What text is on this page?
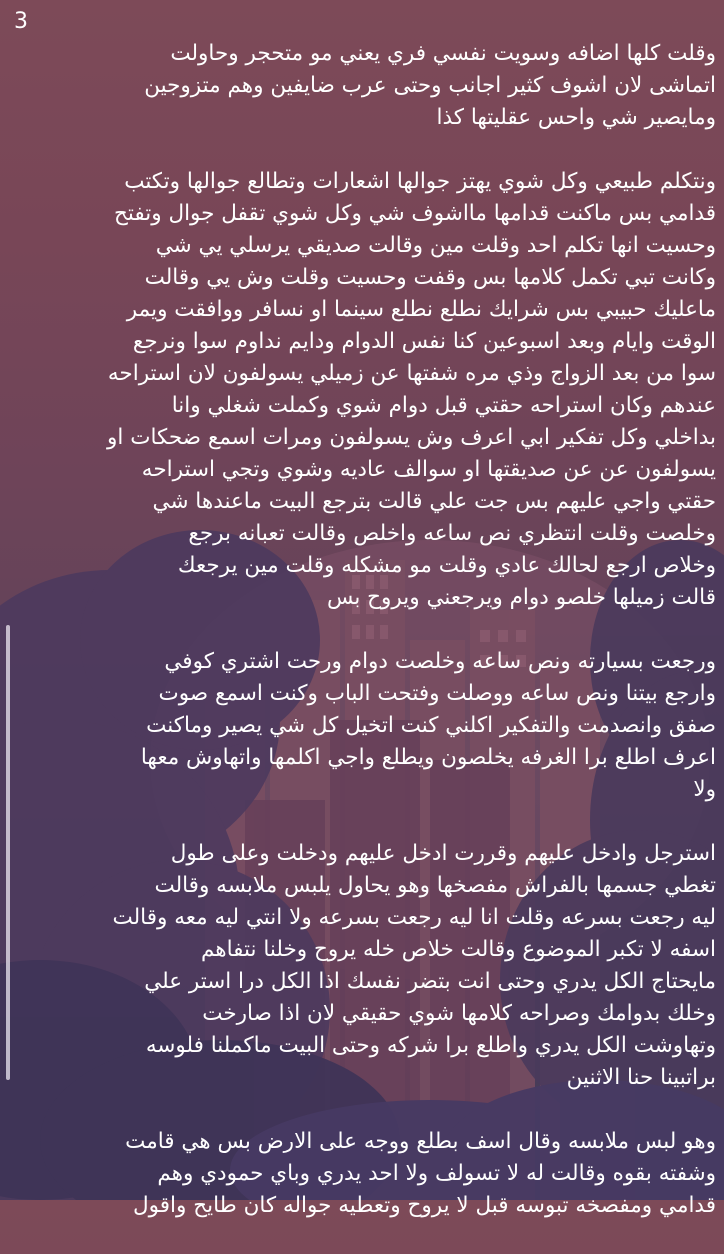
3
وقلت كلها اضافه وسويت نفسي فري يعني مو متحجر وحاولت
اتماشى لان اشوف كثير اجانب وحتى عرب ضايفين وهم متزوجين
ومايصير شي واحس عقليتها كذا
ونتكلم طبيعي وكل شوي يهتز جوالها اشعارات وتطالع جوالها وتكتب
قدامي بس ماكنت قدامها مااشوف شي وكل شوي تقفل جوال وتفتح
وحسيت انها تكلم احد وقلت مين وقالت صديقي يرسلي يي شي
وكانت تبي تكمل كلامها بس وقفت وحسيت وقلت وش يي وقالت
ماعليك حبيبي بس شرايك نطلع نطلع سينما او نسافر ووافقت ويمر
الوقت وايام وبعد اسبوعين كنا نفس الدوام ودايم نداوم سوا ونرجع
سوا من بعد الزواج وذي مره شفتها عن زميلي يسولفون لان استراحه
عندهم وكان استراحه حقتي قبل دوام شوي وكملت شغلي وانا
بداخلي وكل تفكير ابي اعرف وش يسولفون ومرات اسمع ضحكات او
يسولفون عن عن صديقتها او سوالف عاديه وشوي وتجي استراحه
حقتي واجي عليهم بس جت علي قالت بترجع البيت ماعندها شي
وخلصت وقلت انتظري نص ساعه واخلص وقالت تعبانه برجع
وخلاص ارجع لحالك عادي وقلت مو مشكله وقلت مين يرجعك
قالت زميلها خلصو دوام ويرجعني ويروح بس
ورجعت بسيارته ونص ساعه وخلصت دوام ورحت اشتري كوفي
وارجع بيتنا ونص ساعه ووصلت وفتحت الباب وكنت اسمع صوت
صفق وانصدمت والتفكير اكلني كنت اتخيل كل شي يصير وماكنت
اعرف اطلع برا الغرفه يخلصون ويطلع واجي اكلمها واتهاوش معها
ولا
استرجل وادخل عليهم وقررت ادخل عليهم ودخلت وعلى طول
تغطي جسمها بالفراش مفصخها وهو يحاول يلبس ملابسه وقالت
ليه رجعت بسرعه وقلت انا ليه رجعت بسرعه ولا انتي ليه معه وقالت
اسفه لا تكبر الموضوع وقالت خلاص خله يروح وخلنا نتفاهم
مايحتاج الكل يدري وحتى انت بتضر نفسك اذا الكل درا استر علي
وخلك بدوامك وصراحه كلامها شوي حقيقي لان اذا صارخت
وتهاوشت الكل يدري واطلع برا شركه وحتى البيت ماكملنا فلوسه
براتبينا حنا الاثنين
وهو لبس ملابسه وقال اسف بطلع ووجه على الارض بس هي قامت
وشفته بقوه وقالت له لا تسولف ولا احد يدري وباي حمودي وهم
قدامي ومفصخه تبوسه قبل لا يروح وتعطيه جواله كان طايح واقول
